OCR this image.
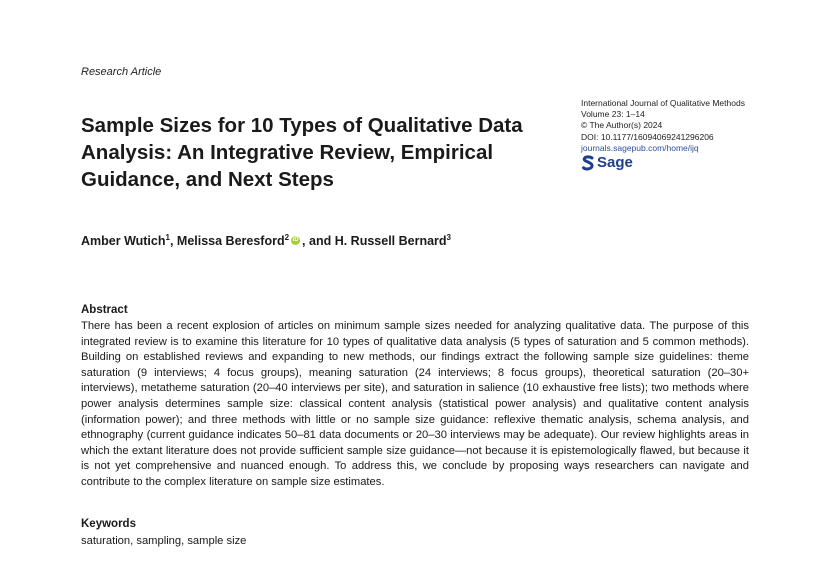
Research Article
Sample Sizes for 10 Types of Qualitative Data Analysis: An Integrative Review, Empirical Guidance, and Next Steps
International Journal of Qualitative Methods
Volume 23: 1–14
© The Author(s) 2024
DOI: 10.1177/16094069241296206
journals.sagepub.com/home/ijq
Sage
Amber Wutich$^1$, Melissa Beresford$^2$ iD , and H. Russell Bernard$^3$
Abstract

There has been a recent explosion of articles on minimum sample sizes needed for analyzing qualitative data. The purpose of this integrated review is to examine this literature for 10 types of qualitative data analysis (5 types of saturation and 5 common methods). Building on established reviews and expanding to new methods, our findings extract the following sample size guidelines: theme saturation (9 interviews; 4 focus groups), meaning saturation (24 interviews; 8 focus groups), theoretical saturation (20–30+ interviews), metatheme saturation (20–40 interviews per site), and saturation in salience (10 exhaustive free lists); two methods where power analysis determines sample size: classical content analysis (statistical power analysis) and qualitative content analysis (information power); and three methods with little or no sample size guidance: reflexive thematic analysis, schema analysis, and ethnography (current guidance indicates 50–81 data documents or 20–30 interviews may be adequate). Our review highlights areas in which the extant literature does not provide sufficient sample size guidance—not because it is epistemologically flawed, but because it is not yet comprehensive and nuanced enough. To address this, we conclude by proposing ways researchers can navigate and contribute to the complex literature on sample size estimates.

Keywords
saturation, sampling, sample size
